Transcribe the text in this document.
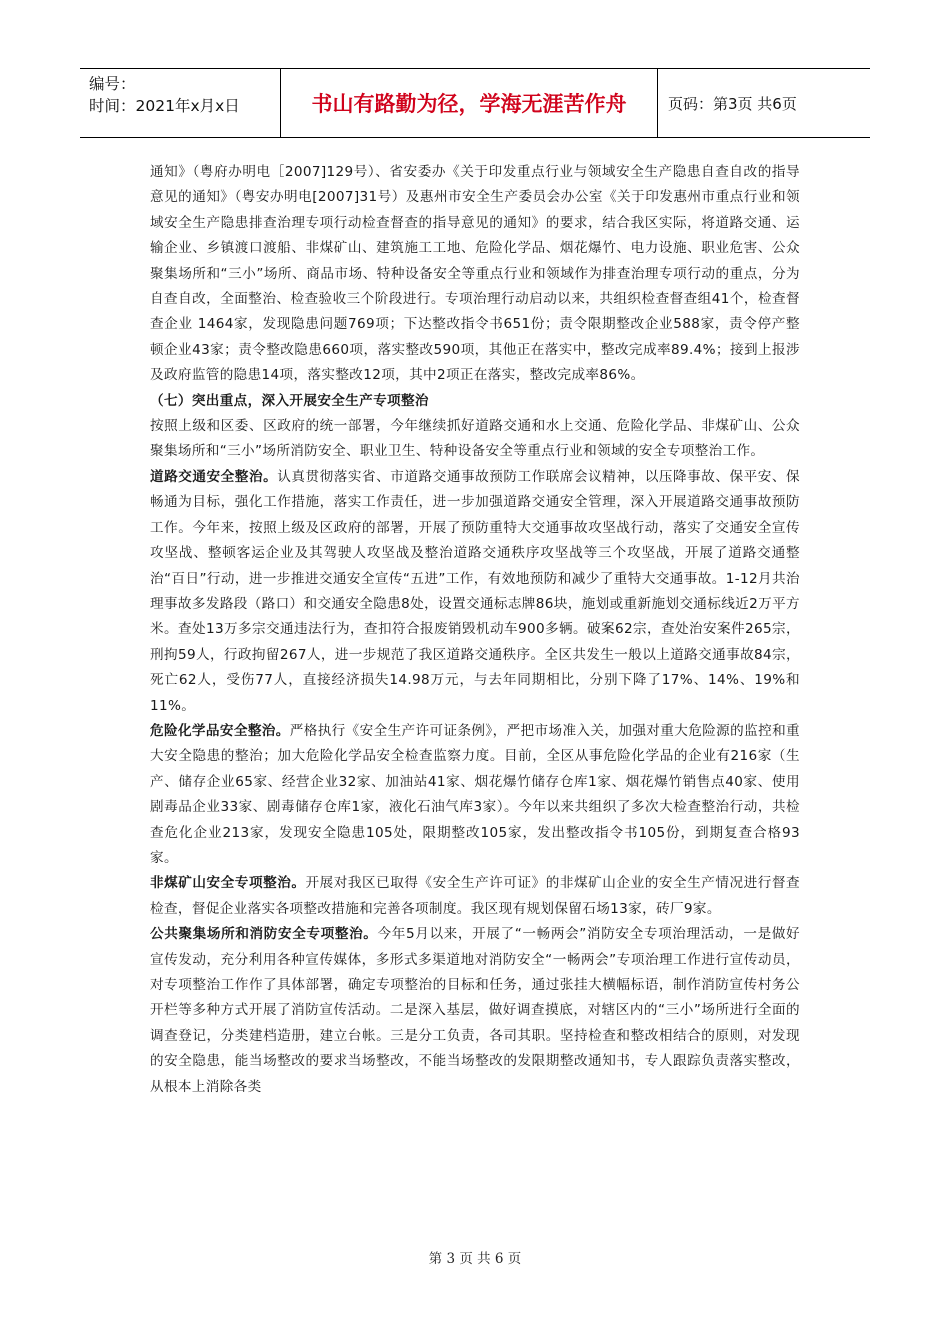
编号：
时间：2021年x月x日	书山有路勤为径，学海无涯苦作舟	页码：第3页 共6页

通知》（粤府办明电［2007]129号）、省安委办《关于印发重点行业与领域安全生产隐患自查自改的指导意见的通知》（粤安办明电[2007]31号）及惠州市安全生产委员会办公室《关于印发惠州市重点行业和领域安全生产隐患排查治理专项行动检查督查的指导意见的通知》的要求，结合我区实际，将道路交通、运输企业、乡镇渡口渡船、非煤矿山、建筑施工工地、危险化学品、烟花爆竹、电力设施、职业危害、公众聚集场所和“三小”场所、商品市场、特种设备安全等重点行业和领域作为排查治理专项行动的重点，分为自查自改，全面整治、检查验收三个阶段进行。专项治理行动启动以来，共组织检查督查组41个，检查督查企业 1464家，发现隐患问题769项；下达整改指令书651份；责令限期整改企业588家，责令停产整顿企业43家；责令整改隐患660项，落实整改590项，其他正在落实中，整改完成率89.4%；接到上报涉及政府监管的隐患14项，落实整改12项，其中2项正在落实，整改完成率86%。

（七）突出重点，深入开展安全生产专项整治

按照上级和区委、区政府的统一部署，今年继续抓好道路交通和水上交通、危险化学品、非煤矿山、公众聚集场所和“三小”场所消防安全、职业卫生、特种设备安全等重点行业和领域的安全专项整治工作。

道路交通安全整治。认真贯彻落实省、市道路交通事故预防工作联席会议精神，以压降事故、保平安、保畅通为目标，强化工作措施，落实工作责任，进一步加强道路交通安全管理，深入开展道路交通事故预防工作。今年来，按照上级及区政府的部署，开展了预防重特大交通事故攻坚战行动，落实了交通安全宣传攻坚战、整顿客运企业及其驾驶人攻坚战及整治道路交通秩序攻坚战等三个攻坚战，开展了道路交通整治“百日”行动，进一步推进交通安全宣传“五进”工作，有效地预防和减少了重特大交通事故。1-12月共治理事故多发路段（路口）和交通安全隐患8处，设置交通标志牌86块，施划或重新施划交通标线近2万平方米。查处13万多宗交通违法行为，查扣符合报废销毁机动车900多辆。破案62宗，查处治安案件265宗，刑拘59人，行政拘留267人，进一步规范了我区道路交通秩序。全区共发生一般以上道路交通事故84宗，死亡62人，受伤77人，直接经济损失14.98万元，与去年同期相比，分别下降了17%、14%、19%和11%。

危险化学品安全整治。严格执行《安全生产许可证条例》，严把市场准入关，加强对重大危险源的监控和重大安全隐患的整治；加大危险化学品安全检查监察力度。目前，全区从事危险化学品的企业有216家（生产、储存企业65家、经营企业32家、加油站41家、烟花爆竹储存仓库1家、烟花爆竹销售点40家、使用剧毒品企业33家、剧毒储存仓库1家，液化石油气库3家）。今年以来共组织了多次大检查整治行动，共检查危化企业213家，发现安全隐患105处，限期整改105家，发出整改指令书105份，到期复查合格93家。

非煤矿山安全专项整治。开展对我区已取得《安全生产许可证》的非煤矿山企业的安全生产情况进行督查检查，督促企业落实各项整改措施和完善各项制度。我区现有规划保留石场13家，砖厂9家。

公共聚集场所和消防安全专项整治。今年5月以来，开展了“一畅两会”消防安全专项治理活动，一是做好宣传发动，充分利用各种宣传媒体，多形式多渠道地对消防安全“一畅两会”专项治理工作进行宣传动员，对专项整治工作作了具体部署，确定专项整治的目标和任务，通过张挂大横幅标语，制作消防宣传村务公开栏等多种方式开展了消防宣传活动。二是深入基层，做好调查摸底，对辖区内的“三小”场所进行全面的调查登记，分类建档造册，建立台帐。三是分工负责，各司其职。坚持检查和整改相结合的原则，对发现的安全隐患，能当场整改的要求当场整改，不能当场整改的发限期整改通知书，专人跟踪负责落实整改，从根本上消除各类

第 3 页 共 6 页
